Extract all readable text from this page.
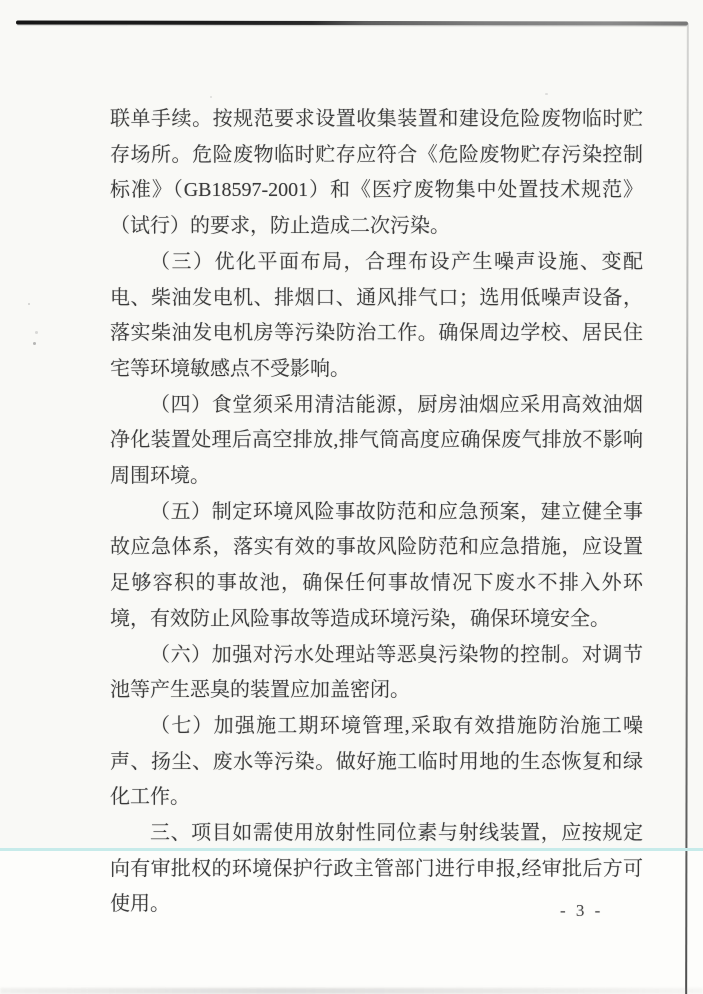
联单手续。按规范要求设置收集装置和建设危险废物临时贮存场所。危险废物临时贮存应符合《危险废物贮存污染控制标准》（GB18597-2001）和《医疗废物集中处置技术规范》（试行）的要求，防止造成二次污染。

（三）优化平面布局，合理布设产生噪声设施、变配电、柴油发电机、排烟口、通风排气口；选用低噪声设备，落实柴油发电机房等污染防治工作。确保周边学校、居民住宅等环境敏感点不受影响。

（四）食堂须采用清洁能源，厨房油烟应采用高效油烟净化装置处理后高空排放,排气筒高度应确保废气排放不影响周围环境。

（五）制定环境风险事故防范和应急预案，建立健全事故应急体系，落实有效的事故风险防范和应急措施，应设置足够容积的事故池，确保任何事故情况下废水不排入外环境，有效防止风险事故等造成环境污染，确保环境安全。

（六）加强对污水处理站等恶臭污染物的控制。对调节池等产生恶臭的装置应加盖密闭。

（七）加强施工期环境管理,采取有效措施防治施工噪声、扬尘、废水等污染。做好施工临时用地的生态恢复和绿化工作。

三、项目如需使用放射性同位素与射线装置，应按规定向有审批权的环境保护行政主管部门进行申报,经审批后方可使用。	- 3 -
